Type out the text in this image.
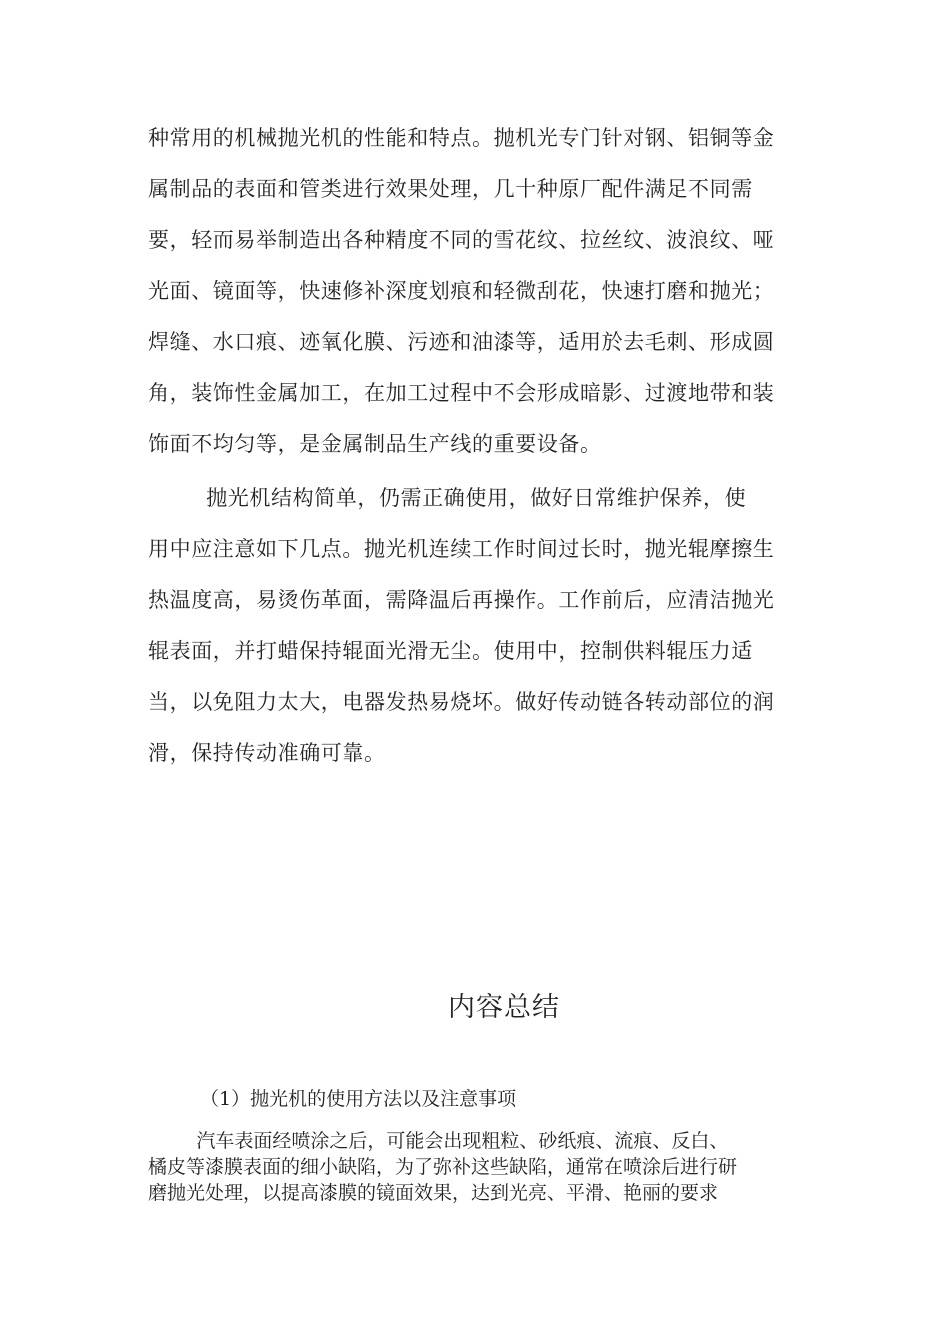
种常用的机械抛光机的性能和特点。抛机光专门针对钢、铝铜等金
属制品的表面和管类进行效果处理，几十种原厂配件满足不同需
要，轻而易举制造出各种精度不同的雪花纹、拉丝纹、波浪纹、哑
光面、镜面等，快速修补深度划痕和轻微刮花，快速打磨和抛光；
焊缝、水口痕、迹氧化膜、污迹和油漆等，适用於去毛刺、形成圆
角，装饰性金属加工，在加工过程中不会形成暗影、过渡地带和装
饰面不均匀等，是金属制品生产线的重要设备。

抛光机结构简单，仍需正确使用，做好日常维护保养，使
用中应注意如下几点。抛光机连续工作时间过长时，抛光辊摩擦生
热温度高，易烫伤革面，需降温后再操作。工作前后，应清洁抛光
辊表面，并打蜡保持辊面光滑无尘。使用中，控制供料辊压力适
当，以免阻力太大，电器发热易烧坏。做好传动链各转动部位的润
滑，保持传动准确可靠。

内容总结

（1）抛光机的使用方法以及注意事项

汽车表面经喷涂之后，可能会出现粗粒、砂纸痕、流痕、反白、
橘皮等漆膜表面的细小缺陷，为了弥补这些缺陷，通常在喷涂后进行研
磨抛光处理，以提高漆膜的镜面效果，达到光亮、平滑、艳丽的要求
